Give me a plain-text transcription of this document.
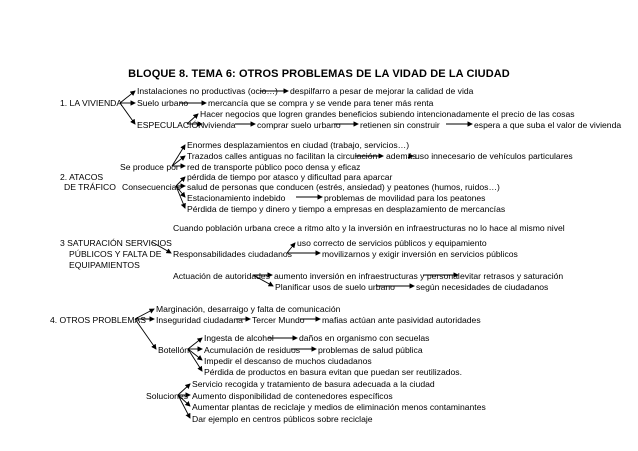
BLOQUE 8. TEMA 6: OTROS PROBLEMAS DE LA VIDAD DE LA CIUDAD
1. LA VIVIENDA
Instalaciones no productivas (ocio…) despilfarro a pesar de mejorar la calidad de vida
Suelo urbano mercancía que se compra y se vende para tener más renta
Hacer negocios que logren grandes beneficios subiendo intencionadamente el precio de las cosas
ESPECULACIÓN vivienda comprar suelo urbano retienen sin construir	espera a que suba el valor de vivienda
Enormes desplazamientos en ciudad (trabajo, servicios…)
Trazados calles antiguas no facilitan la circulación además
uso innecesario de vehículos particulares
Se produce por red de transporte público poco densa y eficaz
2. ATACOS	pérdida de tiempo por atasco y dificultad para aparcar
DE TRÁFICO Consecuencias salud de personas que conducen (estrés, ansiedad) y peatones (humos, ruidos…)
Estacionamiento indebido	problemas de movilidad para los peatones
Pérdida de tiempo y dinero y tiempo a empresas en desplazamiento de mercancías
Cuando población urbana crece a ritmo alto y la inversión en infraestructuras no lo hace al mismo nivel
3 SATURACIÓN SERVICIOS	uso correcto de servicios públicos y equipamiento
PÚBLICOS Y FALTA DE Responsabilidades ciudadanos	movilizarnos y exigir inversión en servicios públicos
EQUIPAMIENTOS
Actuación de autoridades aumento inversión en infraestructuras y personal evitar retrasos y saturación
Planificar usos de suelo urbano según necesidades de ciudadanos
Marginación, desarraigo y falta de comunicación
4. OTROS PROBLEMAS Inseguridad ciudadana Tercer Mundo mafias actúan ante pasividad autoridades
Ingesta de alcohol	daños en organismo con secuelas
Botellón Acumulación de residuos problemas de salud pública
Impedir el descanso de muchos ciudadanos
Pérdida de productos en basura evitan que puedan ser reutilizados.
Servicio recogida y tratamiento de basura adecuada a la ciudad
Soluciones Aumento disponibilidad de contenedores específicos
Aumentar plantas de reciclaje y medios de eliminación menos contaminantes
Dar ejemplo en centros públicos sobre reciclaje
